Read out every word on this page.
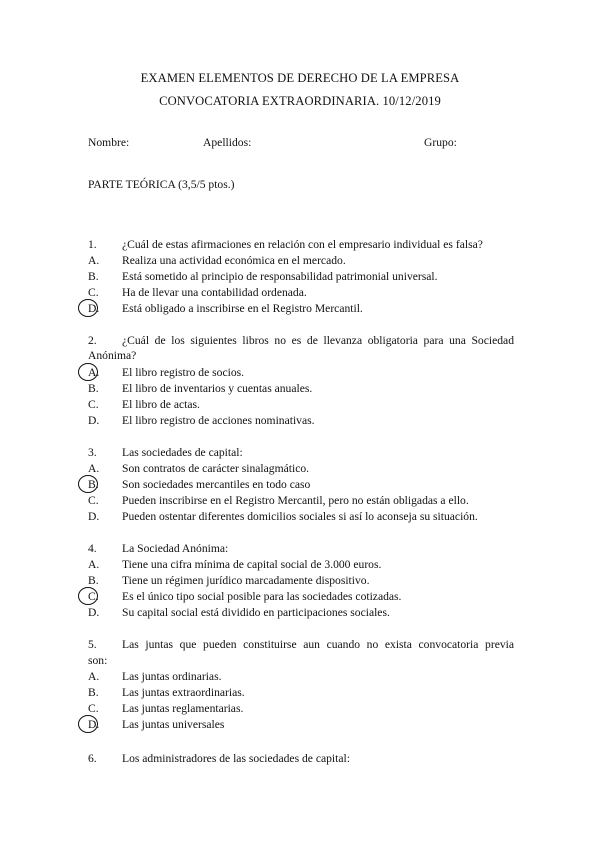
EXAMEN ELEMENTOS DE DERECHO DE LA EMPRESA
CONVOCATORIA EXTRAORDINARIA. 10/12/2019
Nombre:	Apellidos:	Grupo:
PARTE TEÓRICA (3,5/5 ptos.)
1. ¿Cuál de estas afirmaciones en relación con el empresario individual es falsa?
A. Realiza una actividad económica en el mercado.
B. Está sometido al principio de responsabilidad patrimonial universal.
C. Ha de llevar una contabilidad ordenada.
D. Está obligado a inscribirse en el Registro Mercantil.
2. ¿Cuál de los siguientes libros no es de llevanza obligatoria para una Sociedad
Anónima?
A. El libro registro de socios.
B. El libro de inventarios y cuentas anuales.
C. El libro de actas.
D. El libro registro de acciones nominativas.
3. Las sociedades de capital:
A. Son contratos de carácter sinalagmático.
B. Son sociedades mercantiles en todo caso
C. Pueden inscribirse en el Registro Mercantil, pero no están obligadas a ello.
D. Pueden ostentar diferentes domicilios sociales si así lo aconseja su situación.
4. La Sociedad Anónima:
A. Tiene una cifra mínima de capital social de 3.000 euros.
B. Tiene un régimen jurídico marcadamente dispositivo.
C. Es el único tipo social posible para las sociedades cotizadas.
D. Su capital social está dividido en participaciones sociales.
5. Las juntas que pueden constituirse aun cuando no exista convocatoria previa
son:
A. Las juntas ordinarias.
B. Las juntas extraordinarias.
C. Las juntas reglamentarias.
D. Las juntas universales
6. Los administradores de las sociedades de capital:
